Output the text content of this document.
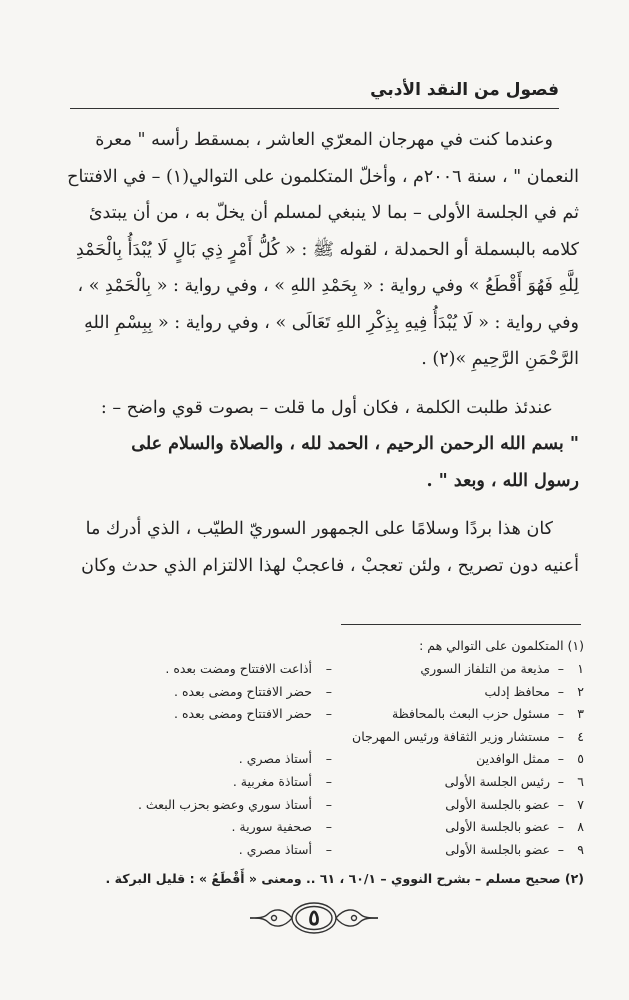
فصول من النقد الأدبي

وعندما كنت في مهرجان المعرّي العاشر ، بمسقط رأسه " معرة

النعمان " ، سنة ٢٠٠٦م ، وأخلّ المتكلمون على التوالي(١) – في الافتتاح

ثم في الجلسة الأولى – بما لا ينبغي لمسلم أن يخلّ به ، من أن يبتدئ

كلامه بالبسملة أو الحمدلة ، لقوله ﷺ : « كُلُّ أَمْرٍ ذِي بَالٍ لَا يُبْدَأُ بِالْحَمْدِ

لِلَّهِ فَهُوَ أَقْطَعُ » وفي رواية : « بِحَمْدِ اللهِ » ، وفي رواية : « بِالْحَمْدِ » ،

وفي رواية : « لَا يُبْدَأُ فِيهِ بِذِكْرِ اللهِ تَعَالَى » ، وفي رواية : « بِبِسْمِ اللهِ

الرَّحْمَنِ الرَّحِيمِ »(٢) .

عندئذ طلبت الكلمة ، فكان أول ما قلت – بصوت قوي واضح – :

" بسم الله الرحمن الرحيم ، الحمد لله ، والصلاة والسلام على

رسول الله ، وبعد " .

كان هذا بردًا وسلامًا على الجمهور السوريّ الطيّب ، الذي أدرك ما

أعنيه دون تصريح ، ولئن تعجبْ ، فاعجبْ لهذا الالتزام الذي حدث وكان

(١) المتكلمون على التوالي هم :
١
–
مذيعة من التلفاز السوري
–
أذاعت الافتتاح ومضت بعده .
٢
–
محافظ إدلب
–
حضر الافتتاح ومضى بعده .
٣
–
مسئول حزب البعث بالمحافظة
–
حضر الافتتاح ومضى بعده .
٤
–
مستشار وزير الثقافة ورئيس المهرجان
٥
–
ممثل الوافدين
–
أستاذ مصري .
٦
–
رئيس الجلسة الأولى
–
أستاذة مغربية .
٧
–
عضو بالجلسة الأولى
–
أستاذ سوري وعضو بحزب البعث .
٨
–
عضو بالجلسة الأولى
–
صحفية سورية .
٩
–
عضو بالجلسة الأولى
–
أستاذ مصري .
(٢) صحيح مسلم – بشرح النووي – ٦٠/١ ، ٦١ .. ومعنى « أَقْطَعُ » : قليل البركة .
٥
